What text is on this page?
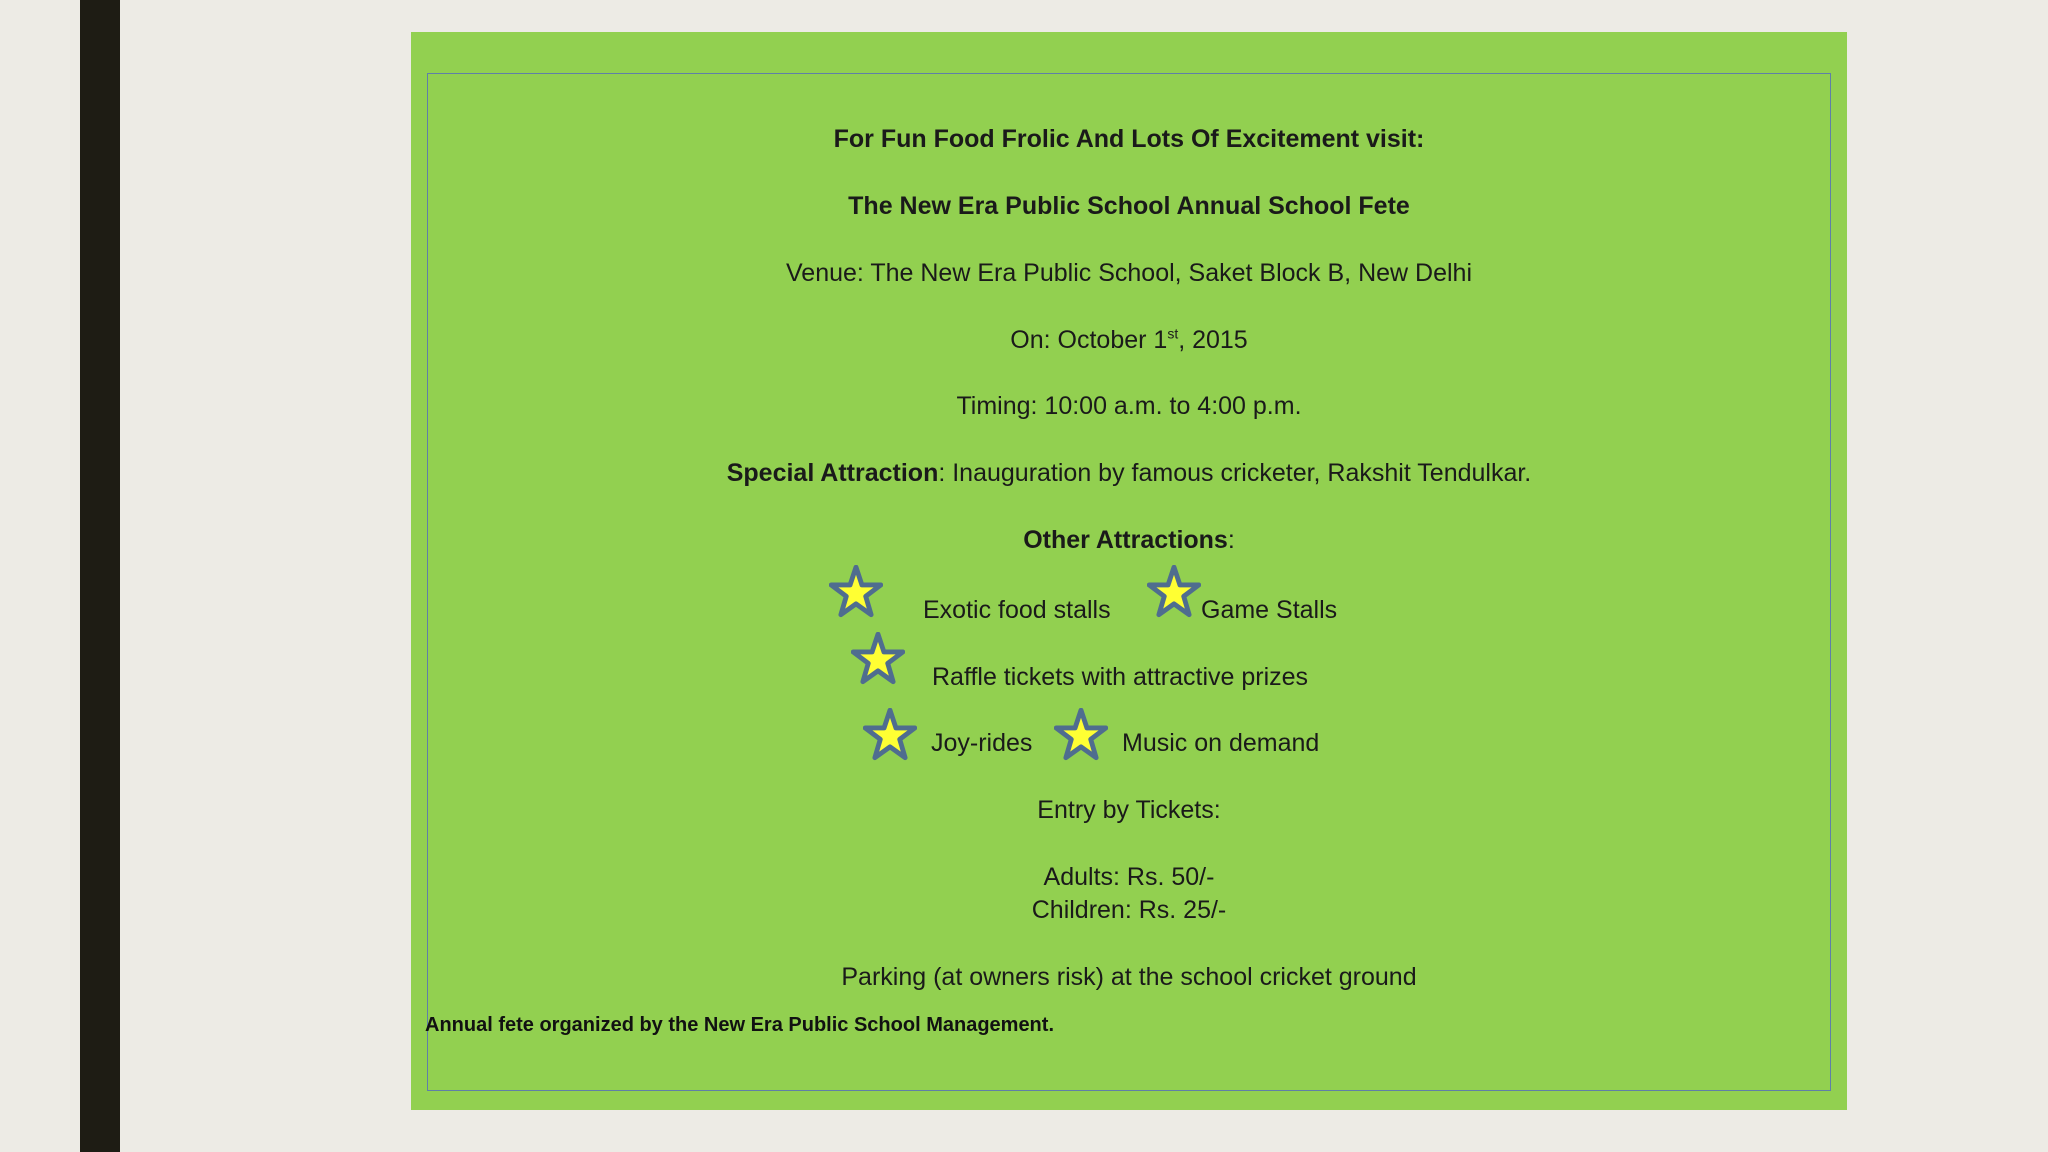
For Fun Food Frolic And Lots Of Excitement visit:
The New Era Public School Annual School Fete
Venue: The New Era Public School, Saket Block B, New Delhi
On: October 1st, 2015
Timing: 10:00 a.m. to 4:00 p.m.
Special Attraction: Inauguration by famous cricketer, Rakshit Tendulkar.
Other Attractions:
Exotic food stalls	Game Stalls
Raffle tickets with attractive prizes
Joy-rides	Music on demand
Entry by Tickets:
Adults: Rs. 50/-
Children: Rs. 25/-
Parking (at owners risk) at the school cricket ground
Annual fete organized by the New Era Public School Management.
